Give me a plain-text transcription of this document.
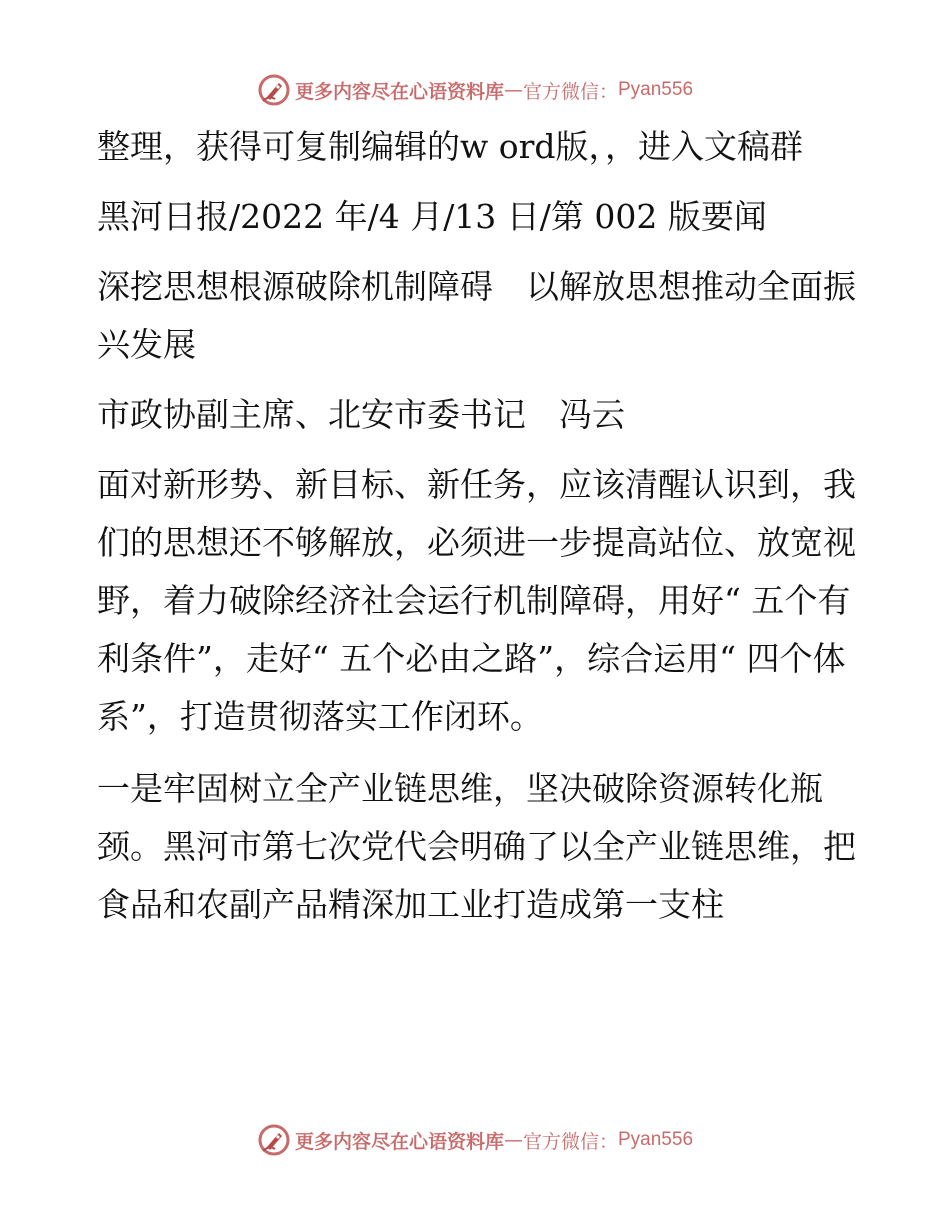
更多内容尽在心语资料库 — 官方微信： Pyan556

整理，获得可复制编辑的w ord版，，进入文稿群

黑河日报/2022 年/4 月/13 日/第 002 版要闻

深挖思想根源破除机制障碍　以解放思想推动全面振兴发展

市政协副主席、北安市委书记　冯云

面对新形势、新目标、新任务，应该清醒认识到，我们的思想还不够解放，必须进一步提高站位、放宽视野，着力破除经济社会运行机制障碍，用好“ 五个有利条件”，走好“ 五个必由之路”，综合运用“ 四个体系”，打造贯彻落实工作闭环。

一是牢固树立全产业链思维，坚决破除资源转化瓶颈。黑河市第七次党代会明确了以全产业链思维，把食品和农副产品精深加工业打造成第一支柱

更多内容尽在心语资料库 — 官方微信： Pyan556
